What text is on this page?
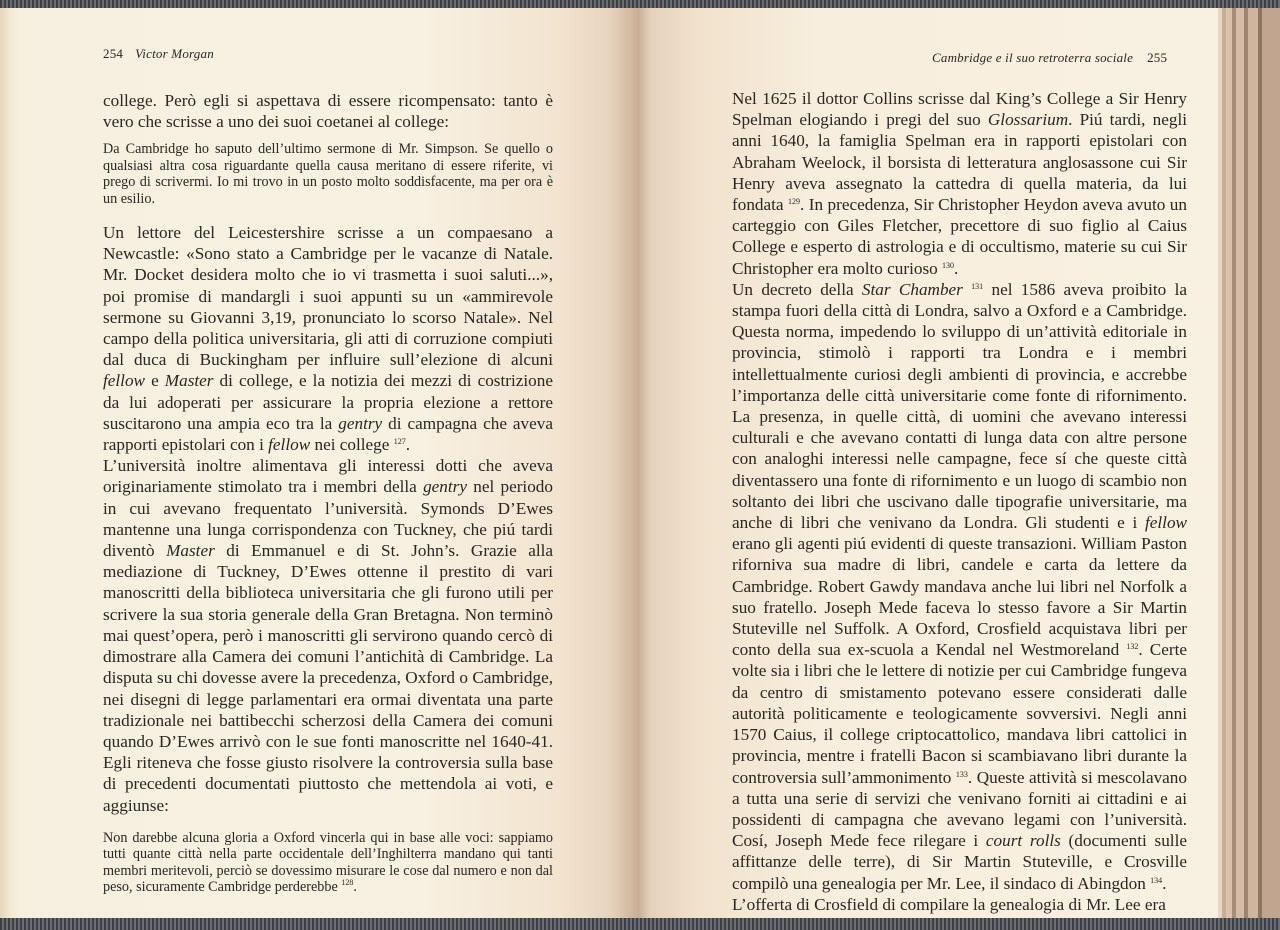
254 Victor Morgan

college. Però egli si aspettava di essere ricompensato: tanto è vero che scrisse a uno dei suoi coetanei al college:

Da Cambridge ho saputo dell’ultimo sermone di Mr. Simpson. Se quello o qualsiasi altra cosa riguardante quella causa meritano di essere riferite, vi prego di scrivermi. Io mi trovo in un posto molto soddisfacente, ma per ora è un esilio.

Un lettore del Leicestershire scrisse a un compaesano a Newcastle: «Sono stato a Cambridge per le vacanze di Natale. Mr. Docket desidera molto che io vi trasmetta i suoi saluti...», poi promise di mandargli i suoi appunti su un «ammirevole sermone su Giovanni 3,19, pronunciato lo scorso Natale». Nel campo della politica universitaria, gli atti di corruzione compiuti dal duca di Buckingham per influire sull’elezione di alcuni fellow e Master di college, e la notizia dei mezzi di costrizione da lui adoperati per assicurare la propria elezione a rettore suscitarono una ampia eco tra la gentry di campagna che aveva rapporti epistolari con i fellow nei college $^{127}$.

L’università inoltre alimentava gli interessi dotti che aveva originariamente stimolato tra i membri della gentry nel periodo in cui avevano frequentato l’università. Symonds D’Ewes mantenne una lunga corrispondenza con Tuckney, che piú tardi diventò Master di Emmanuel e di St. John’s. Grazie alla mediazione di Tuckney, D’Ewes ottenne il prestito di vari manoscritti della biblioteca universitaria che gli furono utili per scrivere la sua storia generale della Gran Bretagna. Non terminò mai quest’opera, però i manoscritti gli servirono quando cercò di dimostrare alla Camera dei comuni l’antichità di Cambridge. La disputa su chi dovesse avere la precedenza, Oxford o Cambridge, nei disegni di legge parlamentari era ormai diventata una parte tradizionale nei battibecchi scherzosi della Camera dei comuni quando D’Ewes arrivò con le sue fonti manoscritte nel 1640-41. Egli riteneva che fosse giusto risolvere la controversia sulla base di precedenti documentati piuttosto che mettendola ai voti, e aggiunse:

Non darebbe alcuna gloria a Oxford vincerla qui in base alle voci: sappiamo tutti quante città nella parte occidentale dell’Inghilterra mandano qui tanti membri meritevoli, perciò se dovessimo misurare le cose dal numero e non dal peso, sicuramente Cambridge perderebbe $^{128}$.

Cambridge e il suo retroterra sociale 255

Nel 1625 il dottor Collins scrisse dal King’s College a Sir Henry Spelman elogiando i pregi del suo Glossarium. Piú tardi, negli anni 1640, la famiglia Spelman era in rapporti epistolari con Abraham Weelock, il borsista di letteratura anglosassone cui Sir Henry aveva assegnato la cattedra di quella materia, da lui fondata $^{129}$. In precedenza, Sir Christopher Heydon aveva avuto un carteggio con Giles Fletcher, precettore di suo figlio al Caius College e esperto di astrologia e di occultismo, materie su cui Sir Christopher era molto curioso $^{130}$.

Un decreto della Star Chamber $^{131}$ nel 1586 aveva proibito la stampa fuori della città di Londra, salvo a Oxford e a Cambridge. Questa norma, impedendo lo sviluppo di un’attività editoriale in provincia, stimolò i rapporti tra Londra e i membri intellettualmente curiosi degli ambienti di provincia, e accrebbe l’importanza delle città universitarie come fonte di rifornimento. La presenza, in quelle città, di uomini che avevano interessi culturali e che avevano contatti di lunga data con altre persone con analoghi interessi nelle campagne, fece sí che queste città diventassero una fonte di rifornimento e un luogo di scambio non soltanto dei libri che uscivano dalle tipografie universitarie, ma anche di libri che venivano da Londra. Gli studenti e i fellow erano gli agenti piú evidenti di queste transazioni. William Paston riforniva sua madre di libri, candele e carta da lettere da Cambridge. Robert Gawdy mandava anche lui libri nel Norfolk a suo fratello. Joseph Mede faceva lo stesso favore a Sir Martin Stuteville nel Suffolk. A Oxford, Crosfield acquistava libri per conto della sua ex-scuola a Kendal nel Westmoreland $^{132}$. Certe volte sia i libri che le lettere di notizie per cui Cambridge fungeva da centro di smistamento potevano essere considerati dalle autorità politicamente e teologicamente sovversivi. Negli anni 1570 Caius, il college criptocattolico, mandava libri cattolici in provincia, mentre i fratelli Bacon si scambiavano libri durante la controversia sull’ammonimento $^{133}$. Queste attività si mescolavano a tutta una serie di servizi che venivano forniti ai cittadini e ai possidenti di campagna che avevano legami con l’università. Cosí, Joseph Mede fece rilegare i court rolls (documenti sulle affittanze delle terre), di Sir Martin Stuteville, e Crosville compilò una genealogia per Mr. Lee, il sindaco di Abingdon $^{134}$.

L’offerta di Crosfield di compilare la genealogia di Mr. Lee era
